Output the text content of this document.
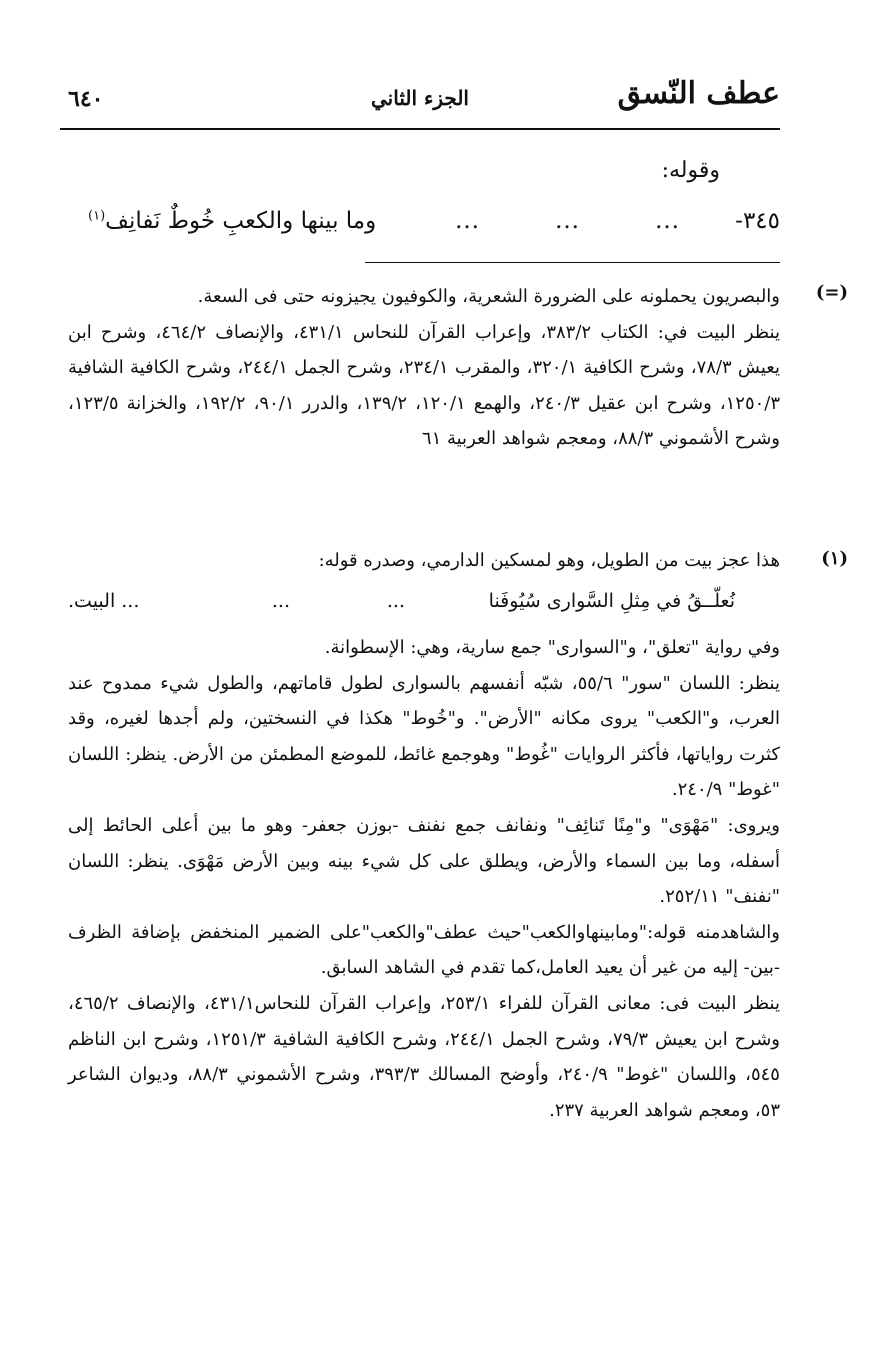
عطف النّسق
الجزء الثاني
٦٤٠
وقوله:
٣٤٥-
...
...
...
وما بينها والكعبِ خُوطٌ نَفانِف$^{(١)}$
(=)

والبصريون يحملونه على الضرورة الشعرية، والكوفيون يجيزونه حتى فى السعة.

ينظر البيت في: الكتاب ٣٨٣/٢، وإعراب القرآن للنحاس ٤٣١/١، والإنصاف ٤٦٤/٢، وشرح ابن يعيش ٧٨/٣، وشرح الكافية ٣٢٠/١، والمقرب ٢٣٤/١، وشرح الجمل ٢٤٤/١، وشرح الكافية الشافية ١٢٥٠/٣، وشرح ابن عقيل ٢٤٠/٣، والهمع ١٢٠/١، ١٣٩/٢، والدرر ٩٠/١، ١٩٢/٢، والخزانة ١٢٣/٥، وشرح الأشموني ٨٨/٣، ومعجم شواهد العربية ٦١

(١)

هذا عجز بيت من الطويل، وهو لمسكين الدارمي، وصدره قوله:

نُعلّــقُ في مِثلِ السَّوارى سُيُوفَنا
...
...
... البيت.

وفي رواية "تعلق"، و"السوارى" جمع سارية، وهي: الإسطوانة.

ينظر: اللسان "سور" ٥٥/٦، شبّه أنفسهم بالسوارى لطول قاماتهم، والطول شيء ممدوح عند العرب، و"الكعب" يروى مكانه "الأرض". و"خُوط" هكذا في النسختين، ولم أجدها لغيره، وقد كثرت رواياتها، فأكثر الروايات "غُوط" وهوجمع غائط، للموضع المطمئن من الأرض. ينظر: اللسان "غوط" ٢٤٠/٩.

ويروى: "مَهْوَى" و"مِنًا تَنائِف" ونفانف جمع نفنف -بوزن جعفر- وهو ما بين أعلى الحائط إلى أسفله، وما بين السماء والأرض، ويطلق على كل شيء بينه وبين الأرض مَهْوَى. ينظر: اللسان "نفنف" ٢٥٢/١١.

والشاهدمنه قوله:"ومابينهاوالكعب"حيث عطف"والكعب"على الضمير المنخفض بإضافة الظرف -بين- إليه من غير أن يعيد العامل،كما تقدم في الشاهد السابق.

ينظر البيت فى: معانى القرآن للفراء ٢٥٣/١، وإعراب القرآن للنحاس٤٣١/١، والإنصاف ٤٦٥/٢، وشرح ابن يعيش ٧٩/٣، وشرح الجمل ٢٤٤/١، وشرح الكافية الشافية ١٢٥١/٣، وشرح ابن الناظم ٥٤٥، واللسان "غوط" ٢٤٠/٩، وأوضح المسالك ٣٩٣/٣، وشرح الأشموني ٨٨/٣، وديوان الشاعر ٥٣، ومعجم شواهد العربية ٢٣٧.
